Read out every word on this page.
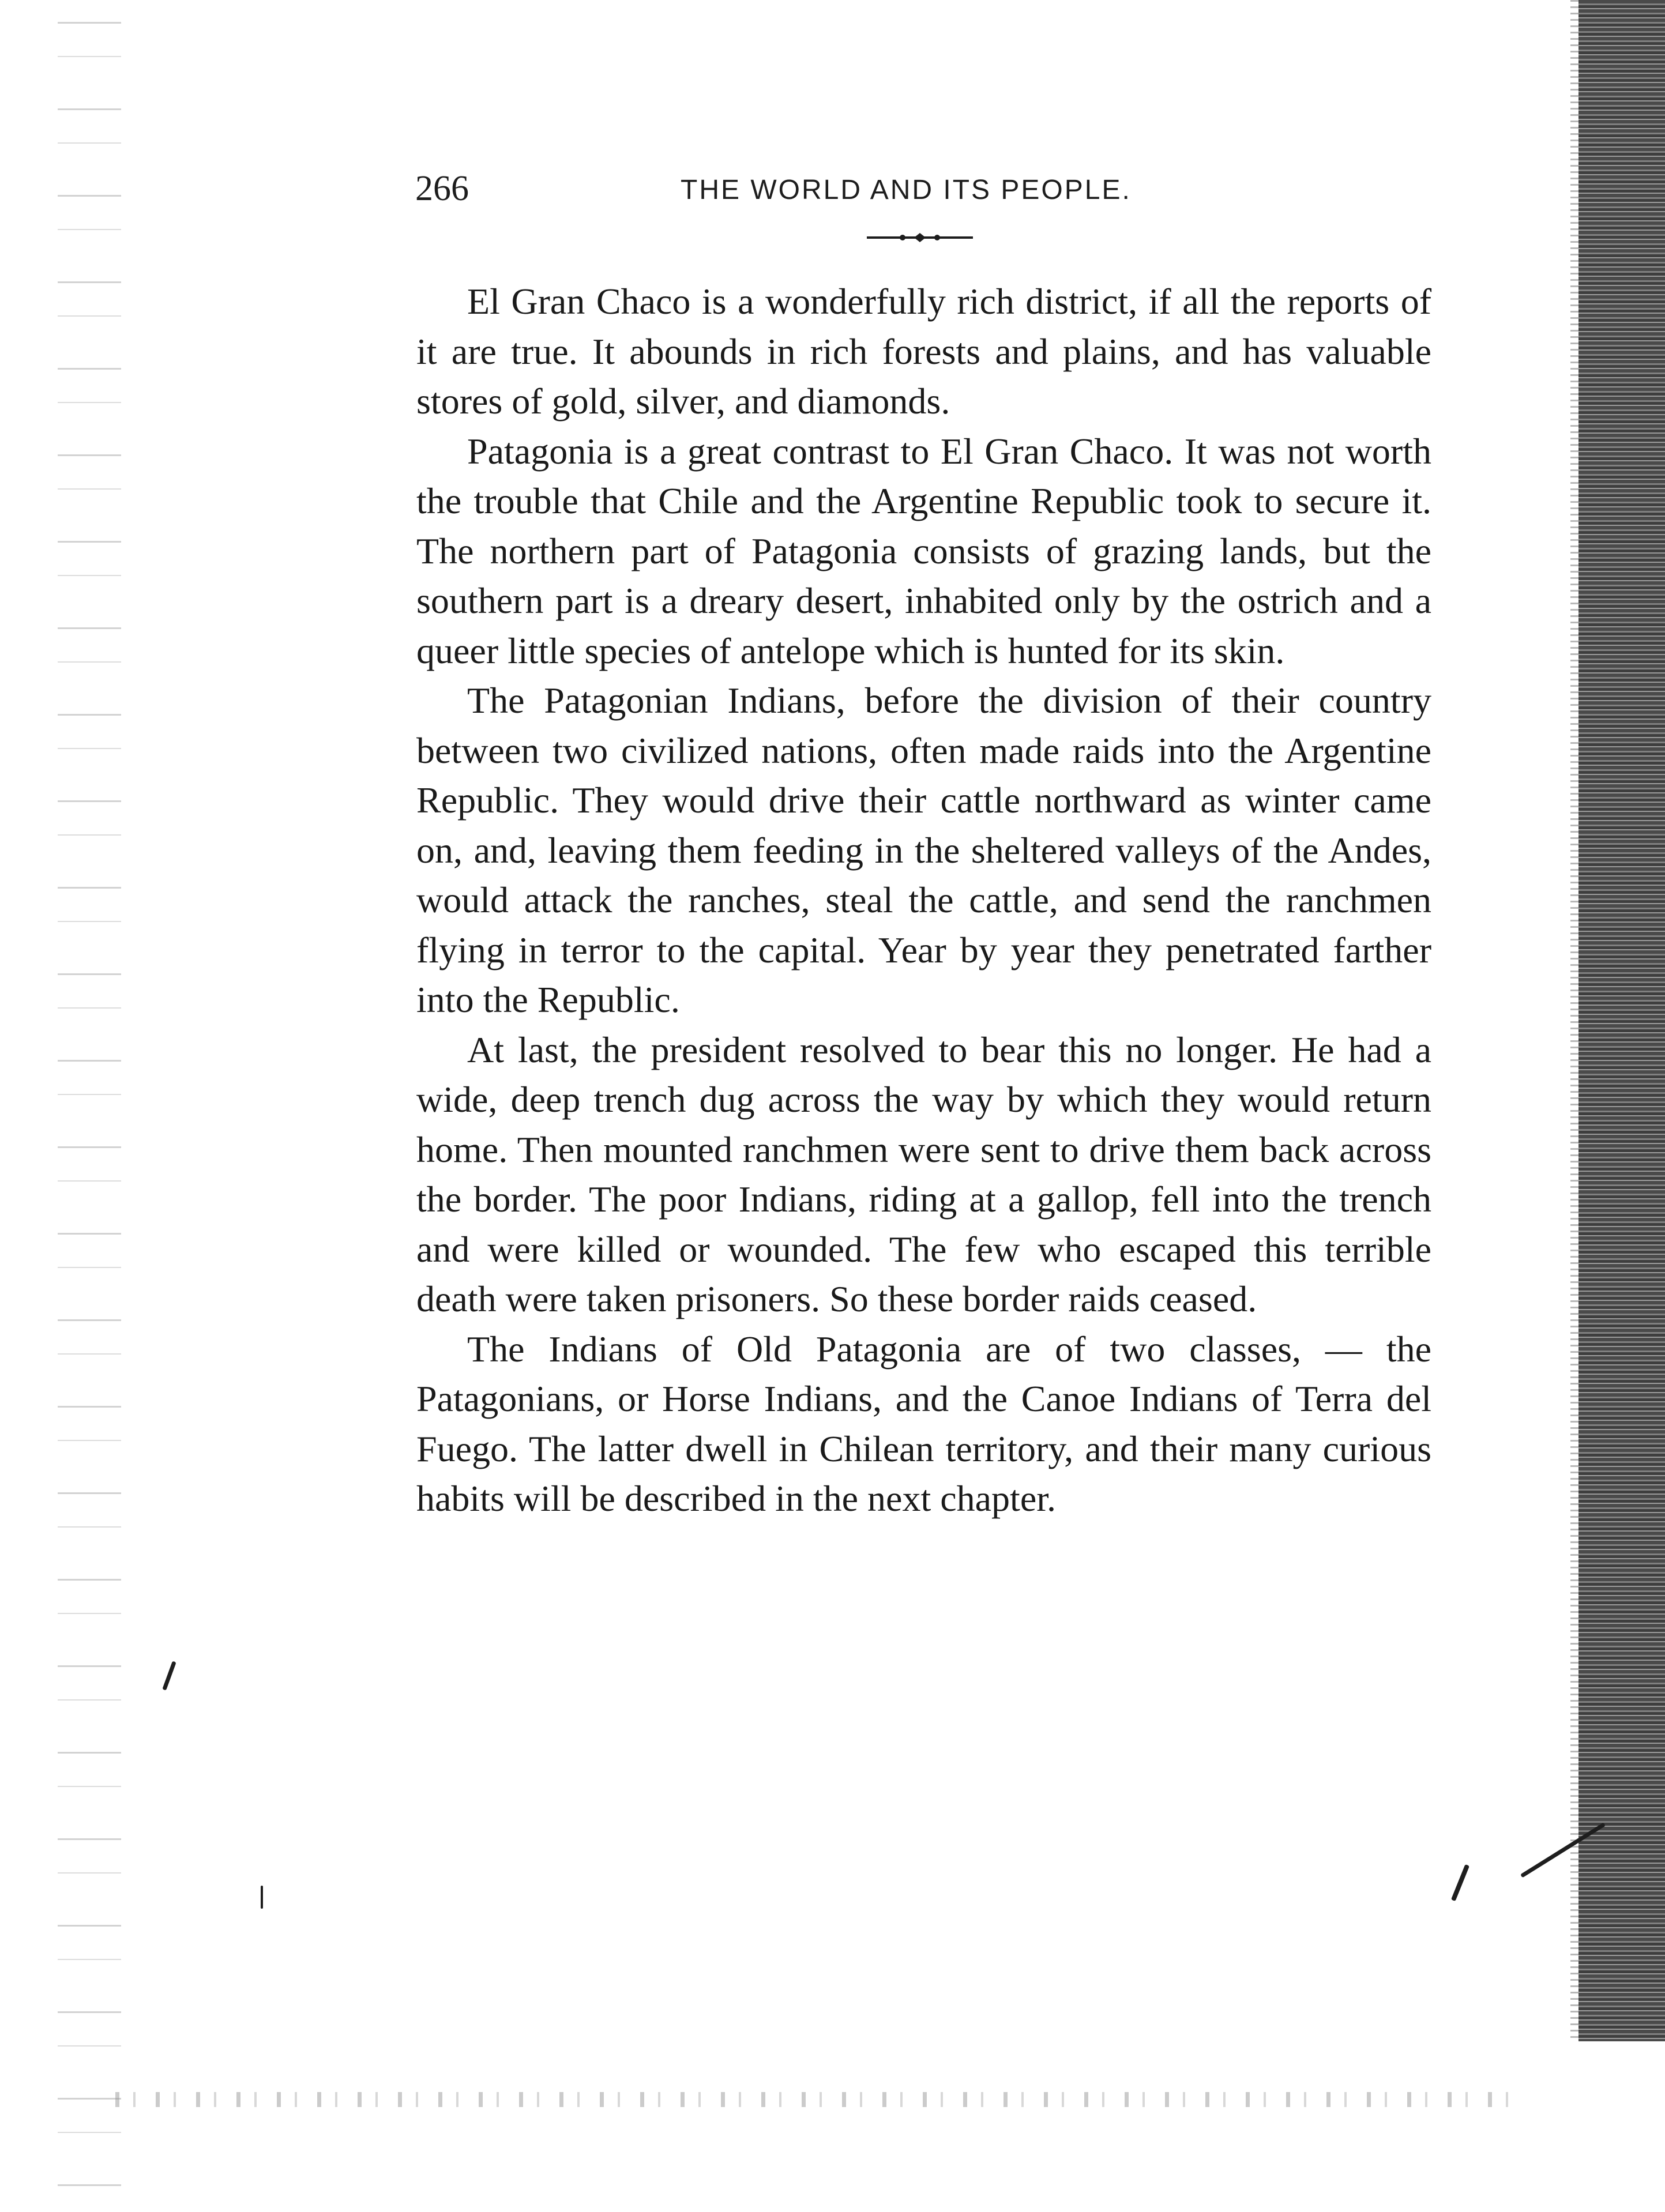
266	THE WORLD AND ITS PEOPLE.

El Gran Chaco is a wonderfully rich district, if all the reports of it are true. It abounds in rich forests and plains, and has valuable stores of gold, silver, and diamonds.

Patagonia is a great contrast to El Gran Chaco. It was not worth the trouble that Chile and the Argentine Republic took to secure it. The northern part of Patagonia consists of grazing lands, but the southern part is a dreary desert, inhabited only by the ostrich and a queer little species of antelope which is hunted for its skin.

The Patagonian Indians, before the division of their country between two civilized nations, often made raids into the Argentine Republic. They would drive their cattle northward as winter came on, and, leaving them feeding in the sheltered valleys of the Andes, would attack the ranches, steal the cattle, and send the ranchmen flying in terror to the capital. Year by year they penetrated farther into the Republic.

At last, the president resolved to bear this no longer. He had a wide, deep trench dug across the way by which they would return home. Then mounted ranchmen were sent to drive them back across the border. The poor Indians, riding at a gallop, fell into the trench and were killed or wounded. The few who escaped this terrible death were taken prisoners. So these border raids ceased.

The Indians of Old Patagonia are of two classes, — the Patagonians, or Horse Indians, and the Canoe Indians of Terra del Fuego. The latter dwell in Chilean territory, and their many curious habits will be described in the next chapter.
